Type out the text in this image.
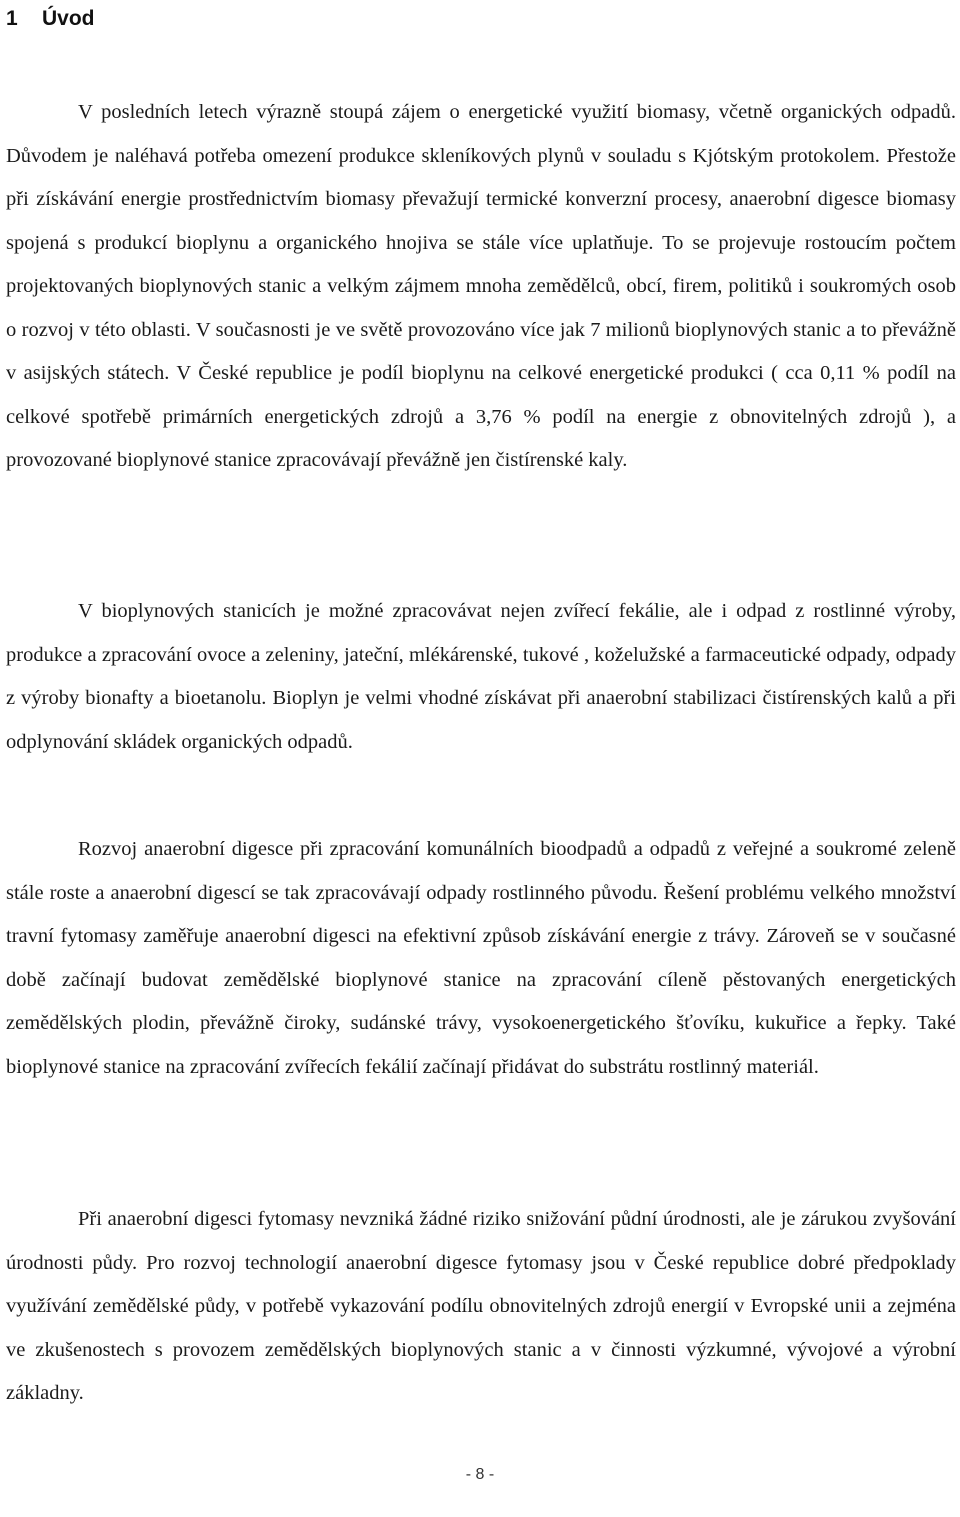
1 Úvod

V posledních letech výrazně stoupá zájem o energetické využití biomasy, včetně organických odpadů. Důvodem je naléhavá potřeba omezení produkce skleníkových plynů v souladu s Kjótským protokolem. Přestože při získávání energie prostřednictvím biomasy převažují termické konverzní procesy, anaerobní digesce biomasy spojená s produkcí bioplynu a organického hnojiva se stále více uplatňuje. To se projevuje rostoucím počtem projektovaných bioplynových stanic a velkým zájmem mnoha zemědělců, obcí, firem, politiků i soukromých osob o rozvoj v této oblasti. V současnosti je ve světě provozováno více jak 7 milionů bioplynových stanic a to převážně v asijských státech. V České republice je podíl bioplynu na celkové energetické produkci ( cca 0,11 % podíl na celkové spotřebě primárních energetických zdrojů a 3,76 % podíl na energie z obnovitelných zdrojů ), a provozované bioplynové stanice zpracovávají převážně jen čistírenské kaly.

V bioplynových stanicích je možné zpracovávat nejen zvířecí fekálie, ale i odpad z rostlinné výroby, produkce a zpracování ovoce a zeleniny, jateční, mlékárenské, tukové , koželužské a farmaceutické odpady, odpady z výroby bionafty a bioetanolu. Bioplyn je velmi vhodné získávat při anaerobní stabilizaci čistírenských kalů a při odplynování skládek organických odpadů.

Rozvoj anaerobní digesce při zpracování komunálních bioodpadů a odpadů z veřejné a soukromé zeleně stále roste a anaerobní digescí se tak zpracovávají odpady rostlinného původu. Řešení problému velkého množství travní fytomasy zaměřuje anaerobní digesci na efektivní způsob získávání energie z trávy. Zároveň se v současné době začínají budovat zemědělské bioplynové stanice na zpracování cíleně pěstovaných energetických zemědělských plodin, převážně čiroky, sudánské trávy, vysokoenergetického šťovíku, kukuřice a řepky. Také bioplynové stanice na zpracování zvířecích fekálií začínají přidávat do substrátu rostlinný materiál.

Při anaerobní digesci fytomasy nevzniká žádné riziko snižování půdní úrodnosti, ale je zárukou zvyšování úrodnosti půdy. Pro rozvoj technologií anaerobní digesce fytomasy jsou v České republice dobré předpoklady využívání zemědělské půdy, v potřebě vykazování podílu obnovitelných zdrojů energií v Evropské unii a zejména ve zkušenostech s provozem zemědělských bioplynových stanic a v činnosti výzkumné, vývojové a výrobní základny.

- 8 -
